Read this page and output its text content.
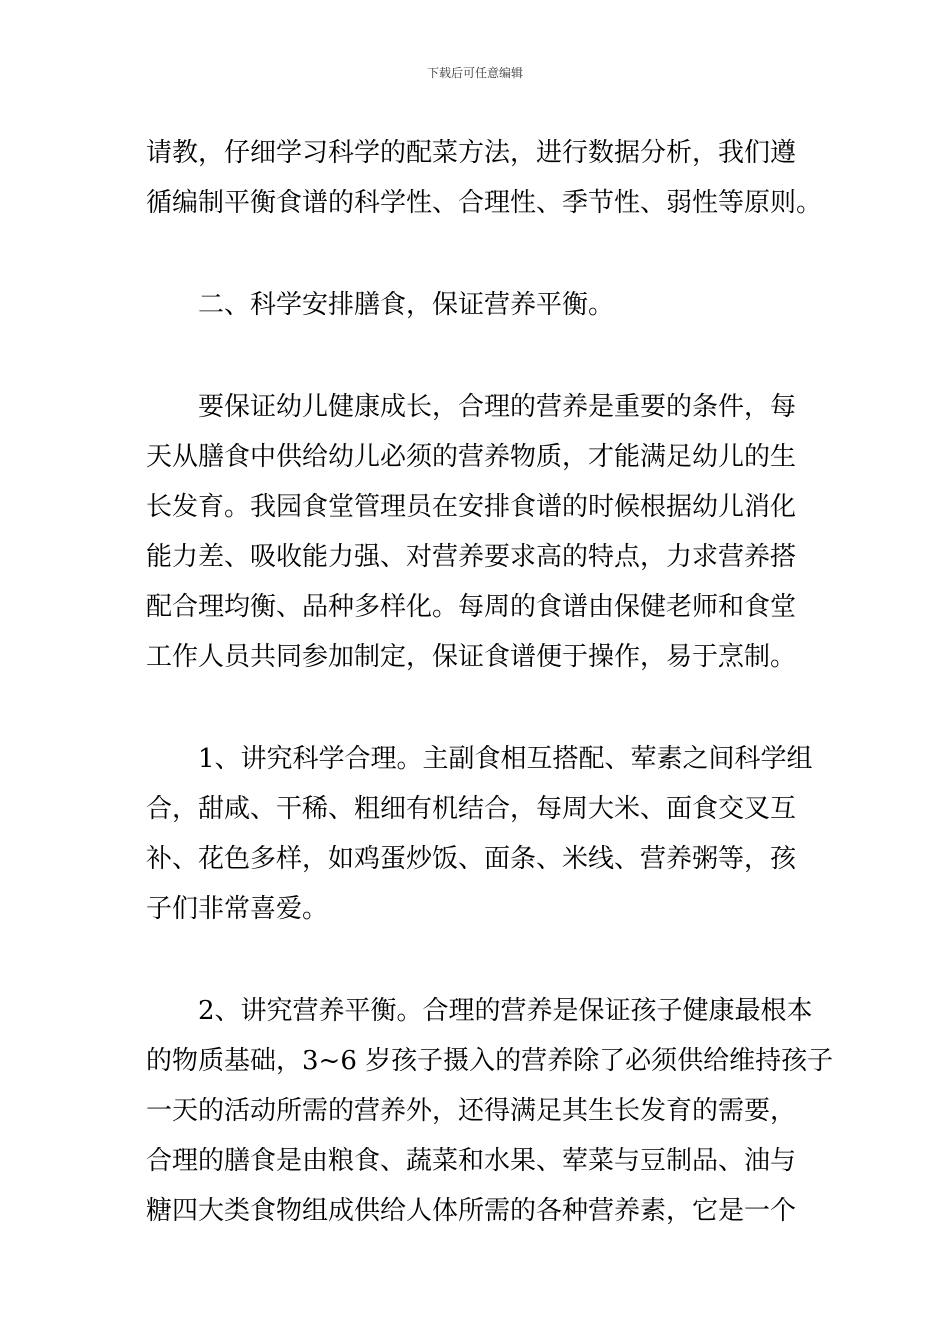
下载后可任意编辑
请教，仔细学习科学的配菜方法，进行数据分析，我们遵
循编制平衡食谱的科学性、合理性、季节性、弱性等原则。
二、科学安排膳食，保证营养平衡。
要保证幼儿健康成长，合理的营养是重要的条件，每
天从膳食中供给幼儿必须的营养物质，才能满足幼儿的生
长发育。我园食堂管理员在安排食谱的时候根据幼儿消化
能力差、吸收能力强、对营养要求高的特点，力求营养搭
配合理均衡、品种多样化。每周的食谱由保健老师和食堂
工作人员共同参加制定，保证食谱便于操作，易于烹制。
1、讲究科学合理。主副食相互搭配、荤素之间科学组
合，甜咸、干稀、粗细有机结合，每周大米、面食交叉互
补、花色多样，如鸡蛋炒饭、面条、米线、营养粥等，孩
子们非常喜爱。
2、讲究营养平衡。合理的营养是保证孩子健康最根本
的物质基础，3~6 岁孩子摄入的营养除了必须供给维持孩子
一天的活动所需的营养外，还得满足其生长发育的需要，
合理的膳食是由粮食、蔬菜和水果、荤菜与豆制品、油与
糖四大类食物组成供给人体所需的各种营养素，它是一个
